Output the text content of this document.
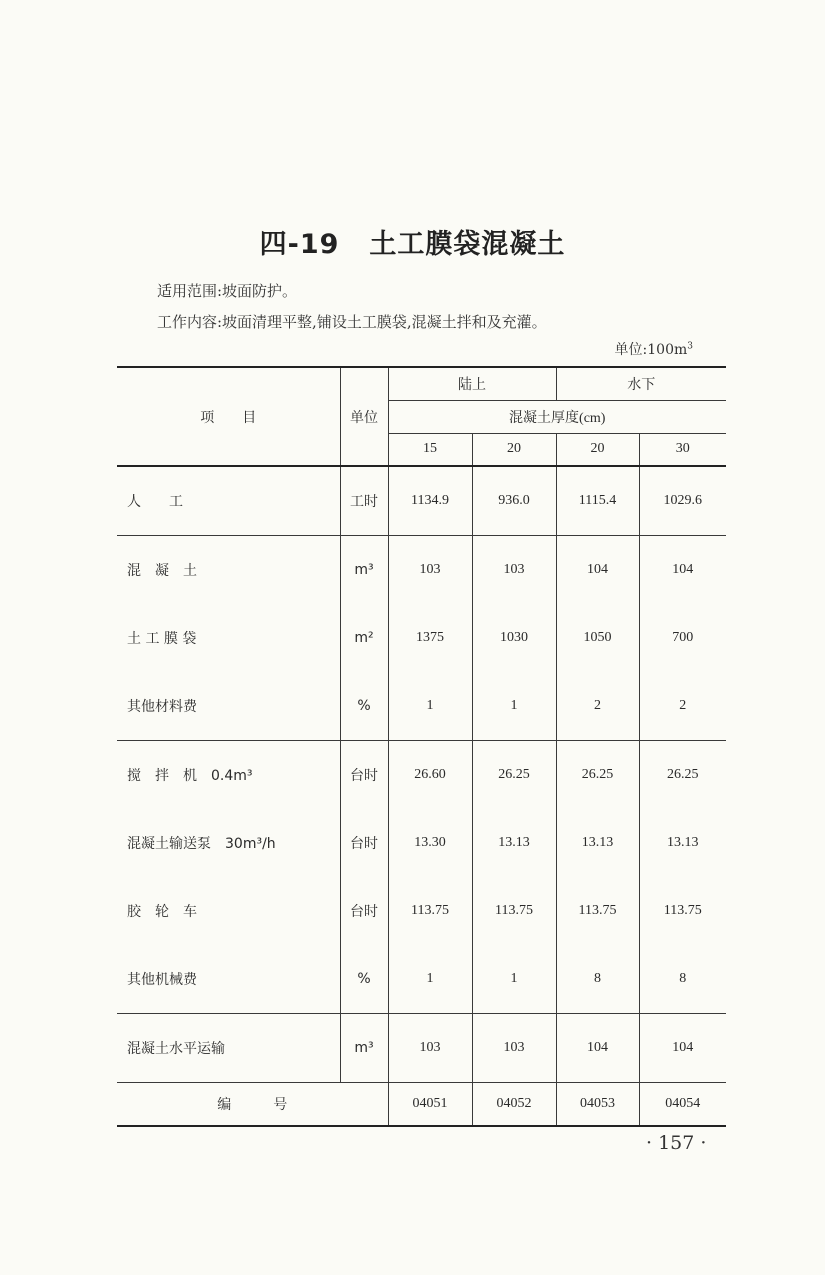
四-19 土工膜袋混凝土
适用范围:坡面防护。
工作内容:坡面清理平整,铺设土工膜袋,混凝土拌和及充灌。
单位$:100m^3$
项　　目	单位	陆上		水下	
		混凝土厚度(cm)			
		15	20	20	30
人　　工	工时	1134.9	936.0	1115.4	1029.6
混　凝　土	m³	103	103	104	104
土 工 膜 袋	m²	1375	1030	1050	700
其他材料费	%	1	1	2	2
搅　拌　机　0.4m³	台时	26.60	26.25	26.25	26.25
混凝土输送泵　30m³/h	台时	13.30	13.13	13.13	13.13
胶　轮　车	台时	113.75	113.75	113.75	113.75
其他机械费	%	1	1	8	8
混凝土水平运输	m³	103	103	104	104
编　　　号		04051	04052	04053	04054
· 157 ·
